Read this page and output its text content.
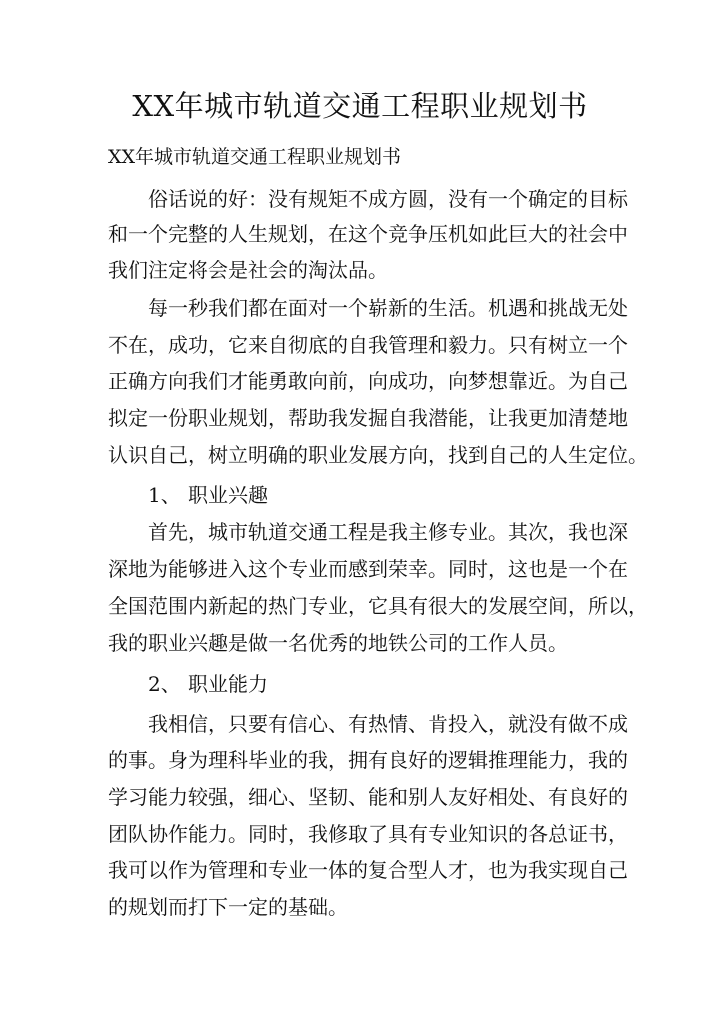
XX年城市轨道交通工程职业规划书

XX年城市轨道交通工程职业规划书

俗话说的好：没有规矩不成方圆，没有一个确定的目标

和一个完整的人生规划，在这个竞争压机如此巨大的社会中

我们注定将会是社会的淘汰品。

每一秒我们都在面对一个崭新的生活。机遇和挑战无处

不在，成功，它来自彻底的自我管理和毅力。只有树立一个

正确方向我们才能勇敢向前，向成功，向梦想靠近。为自己

拟定一份职业规划，帮助我发掘自我潜能，让我更加清楚地

认识自己，树立明确的职业发展方向，找到自己的人生定位。

1、 职业兴趣

首先，城市轨道交通工程是我主修专业。其次，我也深

深地为能够进入这个专业而感到荣幸。同时，这也是一个在

全国范围内新起的热门专业，它具有很大的发展空间，所以，

我的职业兴趣是做一名优秀的地铁公司的工作人员。

2、 职业能力

我相信，只要有信心、有热情、肯投入，就没有做不成

的事。身为理科毕业的我，拥有良好的逻辑推理能力，我的

学习能力较强，细心、坚韧、能和别人友好相处、有良好的

团队协作能力。同时，我修取了具有专业知识的各总证书，

我可以作为管理和专业一体的复合型人才，也为我实现自己

的规划而打下一定的基础。
